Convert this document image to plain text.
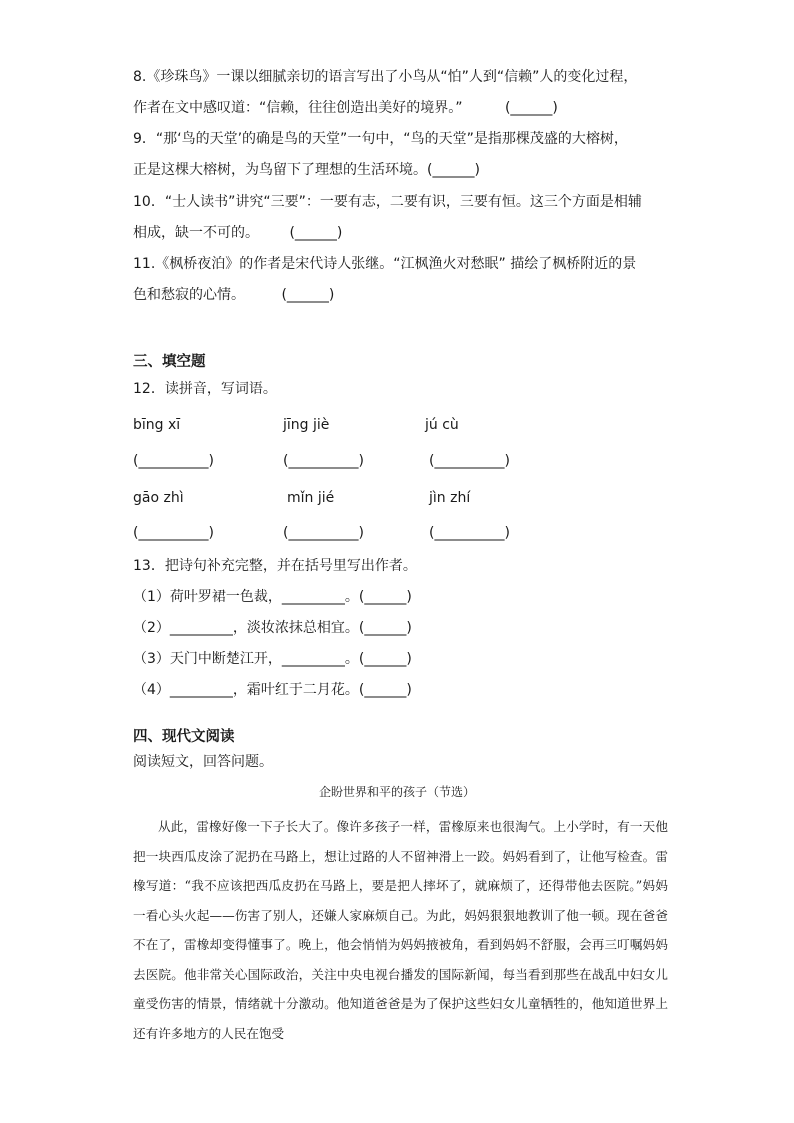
8.《珍珠鸟》一课以细腻亲切的语言写出了小鸟从“怕”人到“信赖”人的变化过程，
作者在文中感叹道：“信赖，往往创造出美好的境界。”	(______)
9．“那‘鸟的天堂’的确是鸟的天堂”一句中，“鸟的天堂”是指那棵茂盛的大榕树，
正是这棵大榕树，为鸟留下了理想的生活环境。(______)
10．“士人读书”讲究“三要”：一要有志，二要有识，三要有恒。这三个方面是相辅
相成，缺一不可的。 (______)
11.《枫桥夜泊》的作者是宋代诗人张继。“江枫渔火对愁眠” 描绘了枫桥附近的景
色和愁寂的心情。	(______)
三、填空题
12．读拼音，写词语。
bīng xī	jīng jiè	jú cù
(__________)	(__________)	(__________)
gāo zhì	mǐn jié	jìn zhí
(__________)	(__________)	(__________)
13．把诗句补充完整，并在括号里写出作者。
（1）荷叶罗裙一色裁，_________。(______)
（2）_________，淡妆浓抹总相宜。(______)
（3）天门中断楚江开，_________。(______)
（4）_________，霜叶红于二月花。(______)
四、现代文阅读
阅读短文，回答问题。
企盼世界和平的孩子（节选）
从此，雷橡好像一下子长大了。像许多孩子一样，雷橡原来也很淘气。上小学时，有一天他把一块西瓜皮涂了泥扔在马路上，想让过路的人不留神滑上一跤。妈妈看到了，让他写检查。雷橡写道：“我不应该把西瓜皮扔在马路上，要是把人摔坏了，就麻烦了，还得带他去医院。”妈妈一看心头火起——伤害了别人，还嫌人家麻烦自己。为此，妈妈狠狠地教训了他一顿。现在爸爸不在了，雷橡却变得懂事了。晚上，他会悄悄为妈妈掖被角，看到妈妈不舒服，会再三叮嘱妈妈去医院。他非常关心国际政治，关注中央电视台播发的国际新闻，每当看到那些在战乱中妇女儿童受伤害的情景，情绪就十分激动。他知道爸爸是为了保护这些妇女儿童牺牲的，他知道世界上还有许多地方的人民在饱受
